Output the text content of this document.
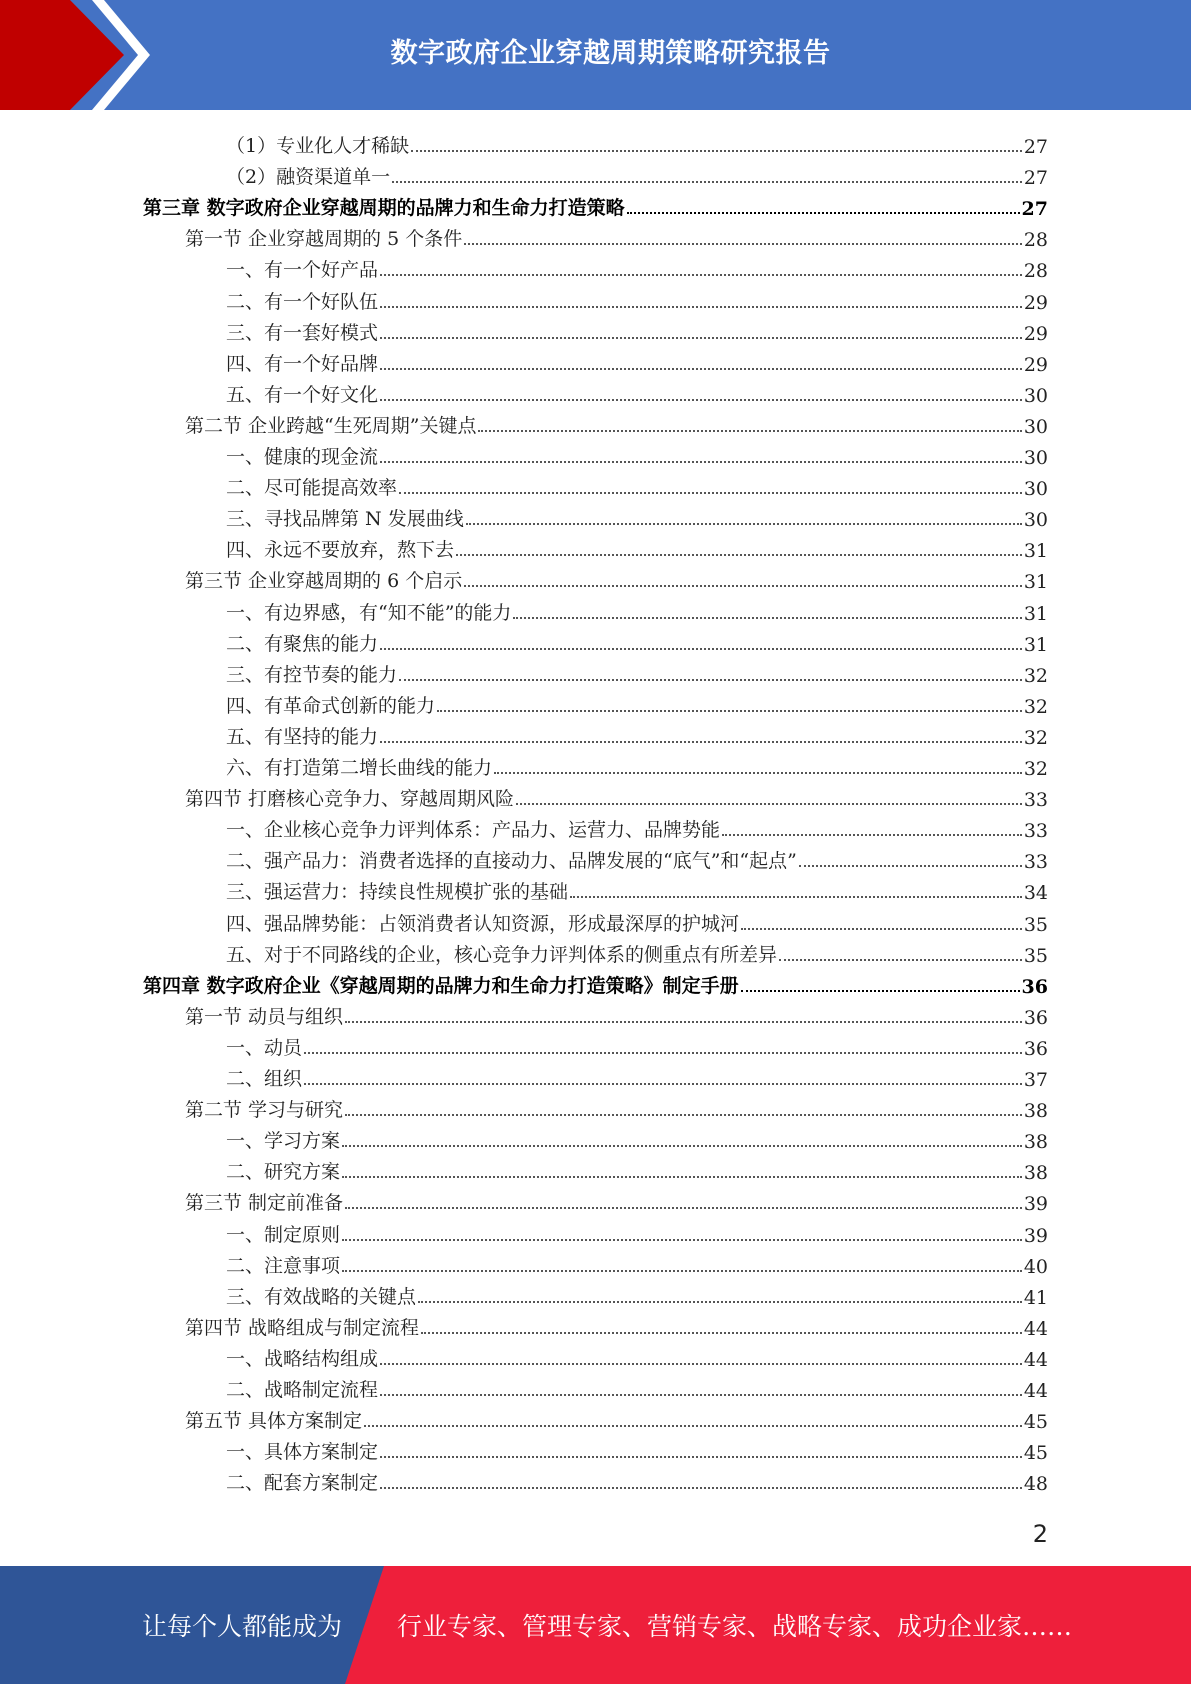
数字政府企业穿越周期策略研究报告
（1）专业化人才稀缺	27
（2）融资渠道单一	27
第三章 数字政府企业穿越周期的品牌力和生命力打造策略	27
第一节 企业穿越周期的 5 个条件	28
一、有一个好产品	28
二、有一个好队伍	29
三、有一套好模式	29
四、有一个好品牌	29
五、有一个好文化	30
第二节 企业跨越“生死周期”关键点	30
一、健康的现金流	30
二、尽可能提高效率	30
三、寻找品牌第 N 发展曲线	30
四、永远不要放弃，熬下去	31
第三节 企业穿越周期的 6 个启示	31
一、有边界感，有“知不能”的能力	31
二、有聚焦的能力	31
三、有控节奏的能力	32
四、有革命式创新的能力	32
五、有坚持的能力	32
六、有打造第二增长曲线的能力	32
第四节 打磨核心竞争力、穿越周期风险	33
一、企业核心竞争力评判体系：产品力、运营力、品牌势能	33
二、强产品力：消费者选择的直接动力、品牌发展的“底气”和“起点”	33
三、强运营力：持续良性规模扩张的基础	34
四、强品牌势能：占领消费者认知资源，形成最深厚的护城河	35
五、对于不同路线的企业，核心竞争力评判体系的侧重点有所差异	35
第四章 数字政府企业《穿越周期的品牌力和生命力打造策略》制定手册	36
第一节 动员与组织	36
一、动员	36
二、组织	37
第二节 学习与研究	38
一、学习方案	38
二、研究方案	38
第三节 制定前准备	39
一、制定原则	39
二、注意事项	40
三、有效战略的关键点	41
第四节 战略组成与制定流程	44
一、战略结构组成	44
二、战略制定流程	44
第五节 具体方案制定	45
一、具体方案制定	45
二、配套方案制定	48
2
让每个人都能成为 行业专家、管理专家、营销专家、战略专家、成功企业家……
